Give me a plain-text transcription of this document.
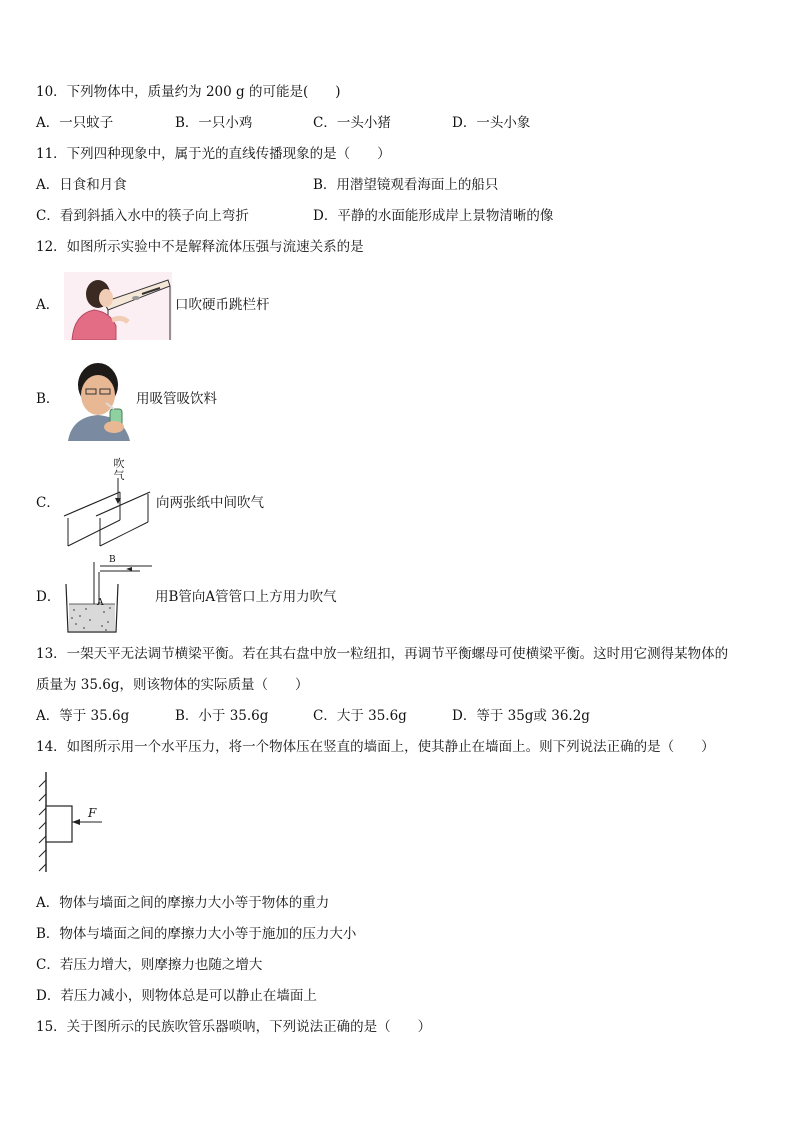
10．下列物体中，质量约为 200 g 的可能是(　　)
A．一只蚊子	B．一只小鸡	C．一头小猪	D．一头小象
11．下列四种现象中，属于光的直线传播现象的是（　　）
A．日食和月食	B．用潜望镜观看海面上的船只
C．看到斜插入水中的筷子向上弯折	D．平静的水面能形成岸上景物清晰的像
12．如图所示实验中不是解释流体压强与流速关系的是
A．	口吹硬币跳栏杆
B．	用吸管吸饮料
C．
吹气
向两张纸中间吹气
D．
B
A	用B管向A管管口上方用力吹气
13．一架天平无法调节横梁平衡。若在其右盘中放一粒纽扣，再调节平衡螺母可使横梁平衡。这时用它测得某物体的
质量为 35.6g，则该物体的实际质量（　　）
A．等于 35.6g	B．小于 35.6g	C．大于 35.6g	D．等于 35g或 36.2g
14．如图所示用一个水平压力，将一个物体压在竖直的墙面上，使其静止在墙面上。则下列说法正确的是（　　）
F
A．物体与墙面之间的摩擦力大小等于物体的重力
B．物体与墙面之间的摩擦力大小等于施加的压力大小
C．若压力增大，则摩擦力也随之增大
D．若压力减小，则物体总是可以静止在墙面上
15．关于图所示的民族吹管乐器唢呐，下列说法正确的是（　　）
